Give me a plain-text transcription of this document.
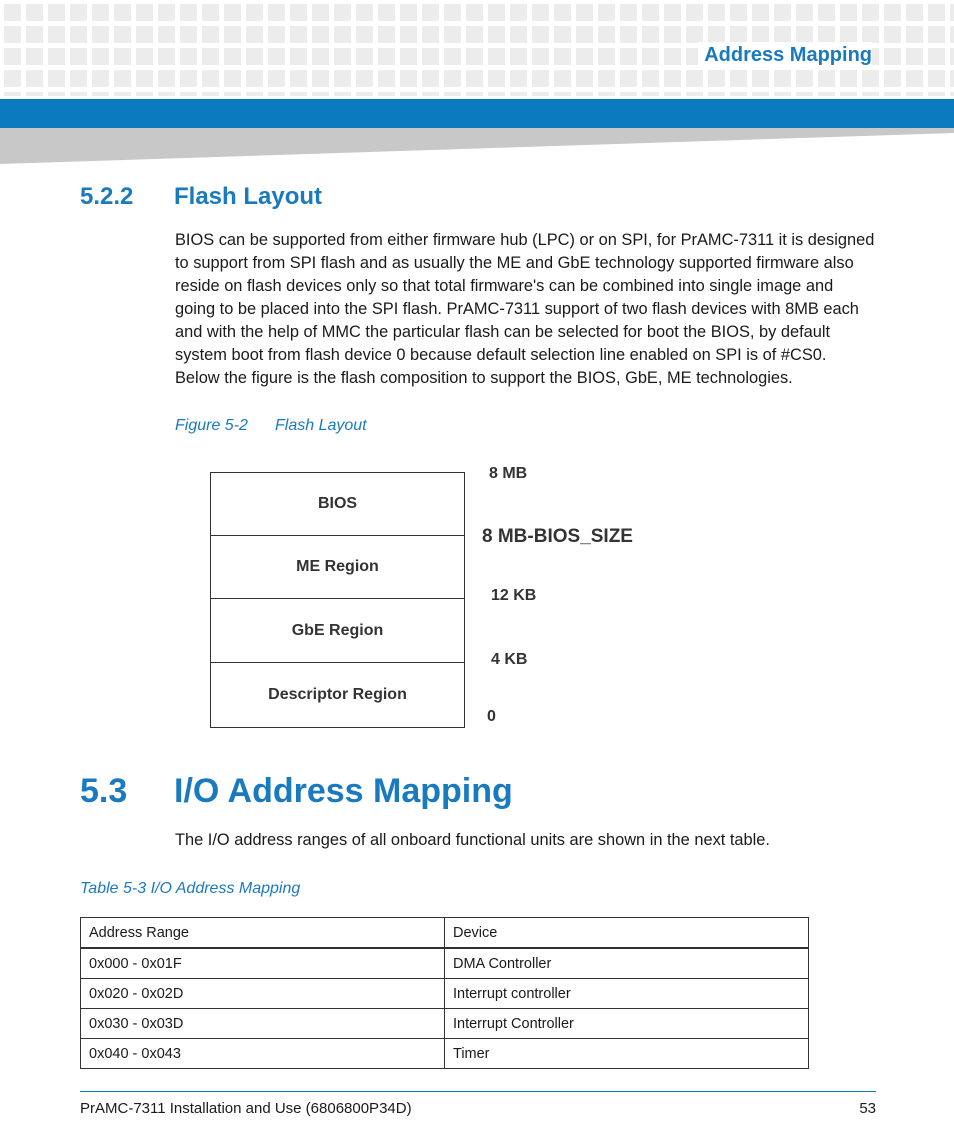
Address Mapping
5.2.2 Flash Layout
BIOS can be supported from either firmware hub (LPC) or on SPI, for PrAMC-7311 it is designed to support from SPI flash and as usually the ME and GbE technology supported firmware also reside on flash devices only so that total firmware's can be combined into single image and going to be placed into the SPI flash. PrAMC-7311 support of two flash devices with 8MB each and with the help of MMC the particular flash can be selected for boot the BIOS, by default system boot from flash device 0 because default selection line enabled on SPI is of #CS0. Below the figure is the flash composition to support the BIOS, GbE, ME technologies.
Figure 5-2 Flash Layout
BIOS
ME Region
GbE Region
Descriptor Region
8 MB
8 MB-BIOS_SIZE
12 KB
4 KB
0
5.3 I/O Address Mapping
The I/O address ranges of all onboard functional units are shown in the next table.
Table 5-3 I/O Address Mapping
Address Range	Device
0x000 - 0x01F	DMA Controller
0x020 - 0x02D	Interrupt controller
0x030 - 0x03D	Interrupt Controller
0x040 - 0x043	Timer
PrAMC-7311 Installation and Use (6806800P34D)	53
